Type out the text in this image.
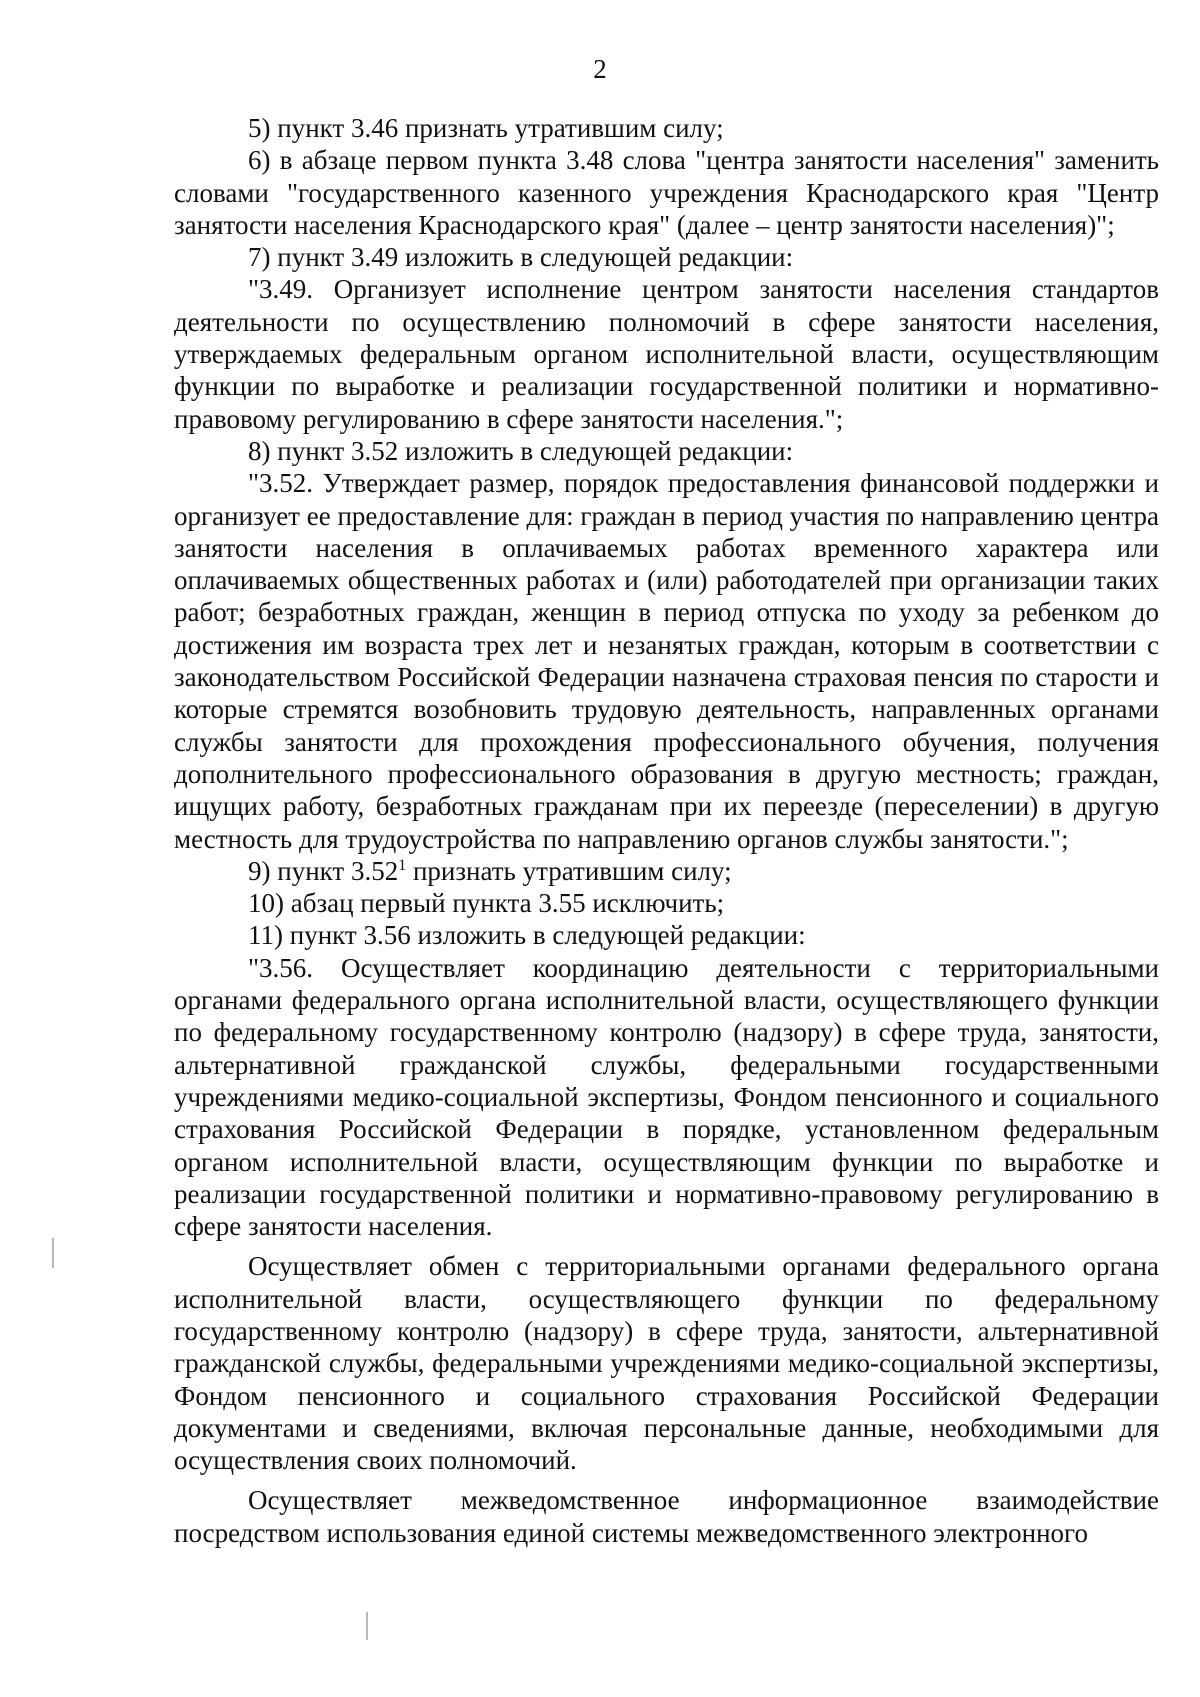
2

5) пункт 3.46 признать утратившим силу;

6) в абзаце первом пункта 3.48 слова "центра занятости населения" заменить словами "государственного казенного учреждения Краснодарского края "Центр занятости населения Краснодарского края" (далее – центр занятости населения)";

7) пункт 3.49 изложить в следующей редакции:

"3.49. Организует исполнение центром занятости населения стандартов деятельности по осуществлению полномочий в сфере занятости населения, утверждаемых федеральным органом исполнительной власти, осуществляющим функции по выработке и реализации государственной политики и нормативно-правовому регулированию в сфере занятости населения.";

8) пункт 3.52 изложить в следующей редакции:

"3.52. Утверждает размер, порядок предоставления финансовой поддержки и организует ее предоставление для: граждан в период участия по направлению центра занятости населения в оплачиваемых работах временного характера или оплачиваемых общественных работах и (или) работодателей при организации таких работ; безработных граждан, женщин в период отпуска по уходу за ребенком до достижения им возраста трех лет и незанятых граждан, которым в соответствии с законодательством Российской Федерации назначена страховая пенсия по старости и которые стремятся возобновить трудовую деятельность, направленных органами службы занятости для прохождения профессионального обучения, получения дополнительного профессионального образования в другую местность; граждан, ищущих работу, безработных гражданам при их переезде (переселении) в другую местность для трудоустройства по направлению органов службы занятости.";

9) пункт 3.52$^1$ признать утратившим силу;

10) абзац первый пункта 3.55 исключить;

11) пункт 3.56 изложить в следующей редакции:

"3.56. Осуществляет координацию деятельности с территориальными органами федерального органа исполнительной власти, осуществляющего функции по федеральному государственному контролю (надзору) в сфере труда, занятости, альтернативной гражданской службы, федеральными государственными учреждениями медико-социальной экспертизы, Фондом пенсионного и социального страхования Российской Федерации в порядке, установленном федеральным органом исполнительной власти, осуществляющим функции по выработке и реализации государственной политики и нормативно-правовому регулированию в сфере занятости населения.

Осуществляет обмен с территориальными органами федерального органа исполнительной власти, осуществляющего функции по федеральному государственному контролю (надзору) в сфере труда, занятости, альтернативной гражданской службы, федеральными учреждениями медико-социальной экспертизы, Фондом пенсионного и социального страхования Российской Федерации документами и сведениями, включая персональные данные, необходимыми для осуществления своих полномочий.

Осуществляет межведомственное информационное взаимодействие посредством использования единой системы межведомственного электронного
